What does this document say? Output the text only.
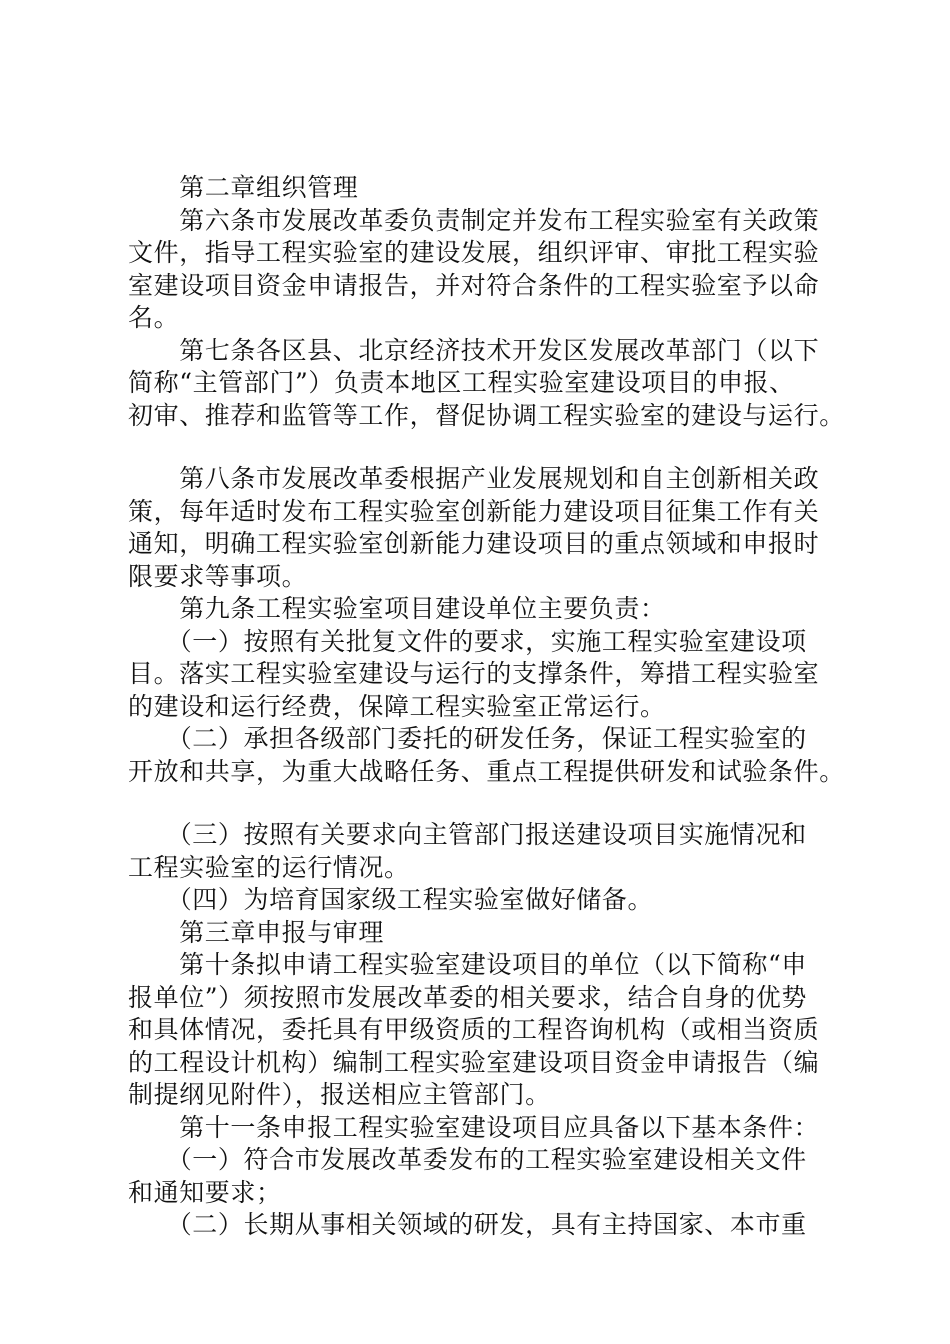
　　第二章组织管理
　　第六条市发展改革委负责制定并发布工程实验室有关政策
文件，指导工程实验室的建设发展，组织评审、审批工程实验
室建设项目资金申请报告，并对符合条件的工程实验室予以命
名。
　　第七条各区县、北京经济技术开发区发展改革部门（以下
简称“主管部门”）负责本地区工程实验室建设项目的申报、
初审、推荐和监管等工作，督促协调工程实验室的建设与运行。
　　第八条市发展改革委根据产业发展规划和自主创新相关政
策，每年适时发布工程实验室创新能力建设项目征集工作有关
通知，明确工程实验室创新能力建设项目的重点领域和申报时
限要求等事项。
　　第九条工程实验室项目建设单位主要负责：
　　（一）按照有关批复文件的要求，实施工程实验室建设项
目。落实工程实验室建设与运行的支撑条件，筹措工程实验室
的建设和运行经费，保障工程实验室正常运行。
　　（二）承担各级部门委托的研发任务，保证工程实验室的
开放和共享，为重大战略任务、重点工程提供研发和试验条件。
　　（三）按照有关要求向主管部门报送建设项目实施情况和
工程实验室的运行情况。
　　（四）为培育国家级工程实验室做好储备。
　　第三章申报与审理
　　第十条拟申请工程实验室建设项目的单位（以下简称“申
报单位”）须按照市发展改革委的相关要求，结合自身的优势
和具体情况，委托具有甲级资质的工程咨询机构（或相当资质
的工程设计机构）编制工程实验室建设项目资金申请报告（编
制提纲见附件），报送相应主管部门。
　　第十一条申报工程实验室建设项目应具备以下基本条件：
　　（一）符合市发展改革委发布的工程实验室建设相关文件
和通知要求；
　　（二）长期从事相关领域的研发，具有主持国家、本市重
